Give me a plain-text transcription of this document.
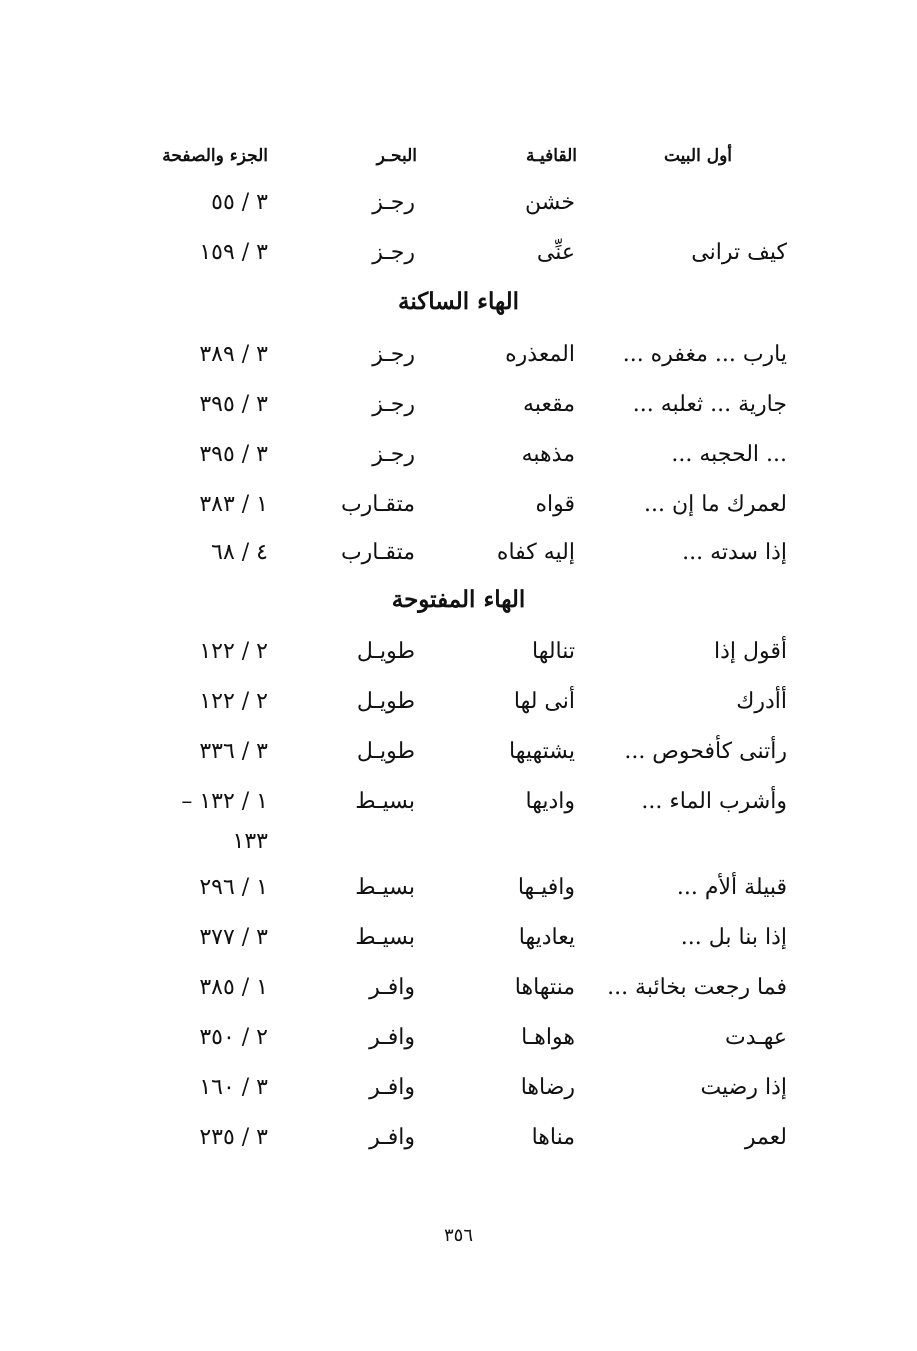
أول البيت
القافيـة
البحـر
الجزء والصفحة
خشن
رجـز
٣ / ٥٥
كيف ترانى
عنِّى
رجـز
٣ / ١٥٩
الهاء الساكنة
يارب ... مغفره ...
المعذره
رجـز
٣ / ٣٨٩
جارية ... ثعلبه ...
مقعبه
رجـز
٣ / ٣٩٥
... الحجبه ...
مذهبه
رجـز
٣ / ٣٩٥
لعمرك ما إن ...
قواه
متقـارب
١ / ٣٨٣
إذا سدته ...
إليه كفاه
متقـارب
٤ / ٦٨
الهاء المفتوحة
أقول إذا
تنالها
طويـل
٢ / ١٢٢
أأدرك
أنى لها
طويـل
٢ / ١٢٢
رأتنى كأفحوص ...
يشتهيها
طويـل
٣ / ٣٣٦
وأشرب الماء ...
واديها
بسيـط
١ / ١٣٢ –
١٣٣
قبيلة ألأم ...
وافيـها
بسيـط
١ / ٢٩٦
إذا بنا بل ...
يعاديها
بسيـط
٣ / ٣٧٧
فما رجعت بخائبة ...
منتهاها
وافـر
١ / ٣٨٥
عهـدت
هواهـا
وافـر
٢ / ٣٥٠
إذا رضيت
رضاها
وافـر
٣ / ١٦٠
لعمر
مناها
وافـر
٣ / ٢٣٥
٣٥٦
